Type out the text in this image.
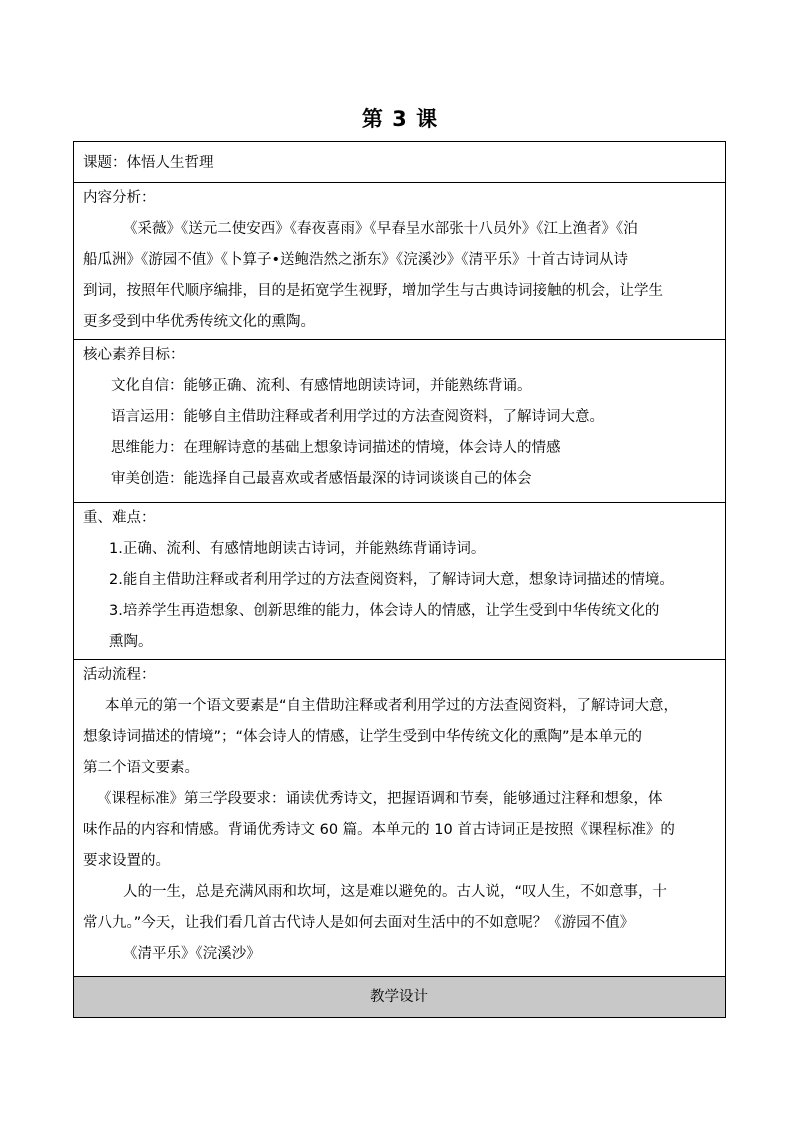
第 3 课
课题：体悟人生哲理
内容分析：
《采薇》《送元二使安西》《春夜喜雨》《早春呈水部张十八员外》《江上渔者》《泊
船瓜洲》《游园不值》《卜算子•送鲍浩然之浙东》《浣溪沙》《清平乐》十首古诗词从诗
到词，按照年代顺序编排，目的是拓宽学生视野，增加学生与古典诗词接触的机会，让学生
更多受到中华优秀传统文化的熏陶。
核心素养目标：
文化自信：能够正确、流利、有感情地朗读诗词，并能熟练背诵。
语言运用：能够自主借助注释或者利用学过的方法查阅资料，了解诗词大意。
思维能力：在理解诗意的基础上想象诗词描述的情境，体会诗人的情感
审美创造：能选择自己最喜欢或者感悟最深的诗词谈谈自己的体会
重、难点：
1.正确、流利、有感情地朗读古诗词，并能熟练背诵诗词。
2.能自主借助注释或者利用学过的方法查阅资料，了解诗词大意，想象诗词描述的情境。
3.培养学生再造想象、创新思维的能力，体会诗人的情感，让学生受到中华传统文化的
熏陶。
活动流程：
本单元的第一个语文要素是“自主借助注释或者利用学过的方法查阅资料，了解诗词大意，
想象诗词描述的情境”；“体会诗人的情感，让学生受到中华传统文化的熏陶”是本单元的
第二个语文要素。
《课程标准》第三学段要求：诵读优秀诗文，把握语调和节奏，能够通过注释和想象，体
味作品的内容和情感。背诵优秀诗文 60 篇。本单元的 10 首古诗词正是按照《课程标准》的
要求设置的。
人的一生，总是充满风雨和坎坷，这是难以避免的。古人说，“叹人生，不如意事，十
常八九。”今天，让我们看几首古代诗人是如何去面对生活中的不如意呢？《游园不值》
《清平乐》《浣溪沙》
教学设计
